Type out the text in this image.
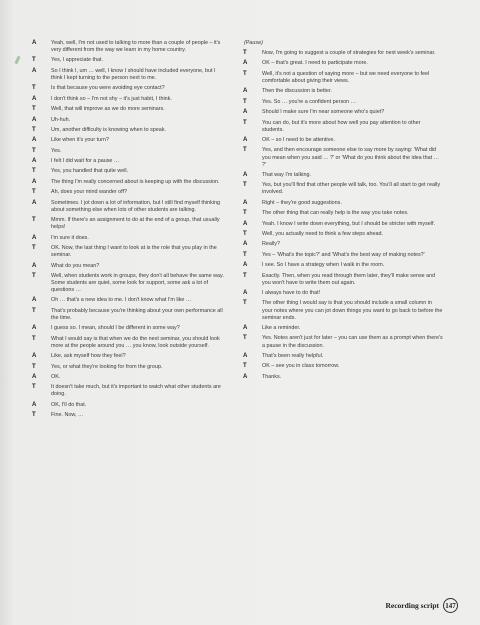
A	Yeah, well, I'm not used to talking to more than a couple of people – it's very different from the way we learn in my home country.
T	Yes, I appreciate that.
A	So I think I, um … well, I know I should have included everyone, but I think I kept turning to the person next to me.
T	Is that because you were avoiding eye contact?
A	I don't think so – I'm not shy – it's just habit, I think.
T	Well, that will improve as we do more seminars.
A	Uh-huh.
T	Um, another difficulty is knowing when to speak.
A	Like when it's your turn?
T	Yes.
A	I felt I did wait for a pause …
T	Yes, you handled that quite well.
A	The thing I'm really concerned about is keeping up with the discussion.
T	Ah, does your mind wander off?
A	Sometimes. I jot down a lot of information, but I still find myself thinking about something else when lots of other students are talking.
T	Mmm. If there's an assignment to do at the end of a group, that usually helps!
A	I'm sure it does.
T	OK. Now, the last thing I want to look at is the role that you play in the seminar.
A	What do you mean?
T	Well, when students work in groups, they don't all behave the same way. Some students are quiet, some look for support, some ask a lot of questions …
A	Oh … that's a new idea to me. I don't know what I'm like …
T	That's probably because you're thinking about your own performance all the time.
A	I guess so. I mean, should I be different in some way?
T	What I would say is that when we do the next seminar, you should look more at the people around you … you know, look outside yourself.
A	Like, ask myself how they feel?
T	Yes, or what they're looking for from the group.
A	OK.
T	It doesn't take much, but it's important to watch what other students are doing.
A	OK, I'll do that.
T	Fine. Now, …
(Pause)
T	Now, I'm going to suggest a couple of strategies for next week's seminar.
A	OK – that's great. I need to participate more.
T	Well, it's not a question of saying more – but we need everyone to feel comfortable about giving their views.
A	Then the discussion is better.
T	Yes. So … you're a confident person …
A	Should I make sure I'm near someone who's quiet?
T	You can do, but it's more about how well you pay attention to other students.
A	OK – so I need to be attentive.
T	Yes, and then encourage someone else to say more by saying: 'What did you mean when you said … ?' or 'What do you think about the idea that … ?'
A	That way I'm talking.
T	Yes, but you'll find that other people will talk, too. You'll all start to get really involved.
A	Right – they're good suggestions.
T	The other thing that can really help is the way you take notes.
A	Yeah. I know I write down everything, but I should be stricter with myself.
T	Well, you actually need to think a few steps ahead.
A	Really?
T	Yes – 'What's the topic?' and 'What's the best way of making notes?'
A	I see. So I have a strategy when I walk in the room.
T	Exactly. Then, when you read through them later, they'll make sense and you won't have to write them out again.
A	I always have to do that!
T	The other thing I would say is that you should include a small column in your notes where you can jot down things you want to go back to before the seminar ends.
A	Like a reminder.
T	Yes. Notes aren't just for later – you can use them as a prompt when there's a pause in the discussion.
A	That's been really helpful.
T	OK – see you in class tomorrow.
A	Thanks.
Recording script 147
